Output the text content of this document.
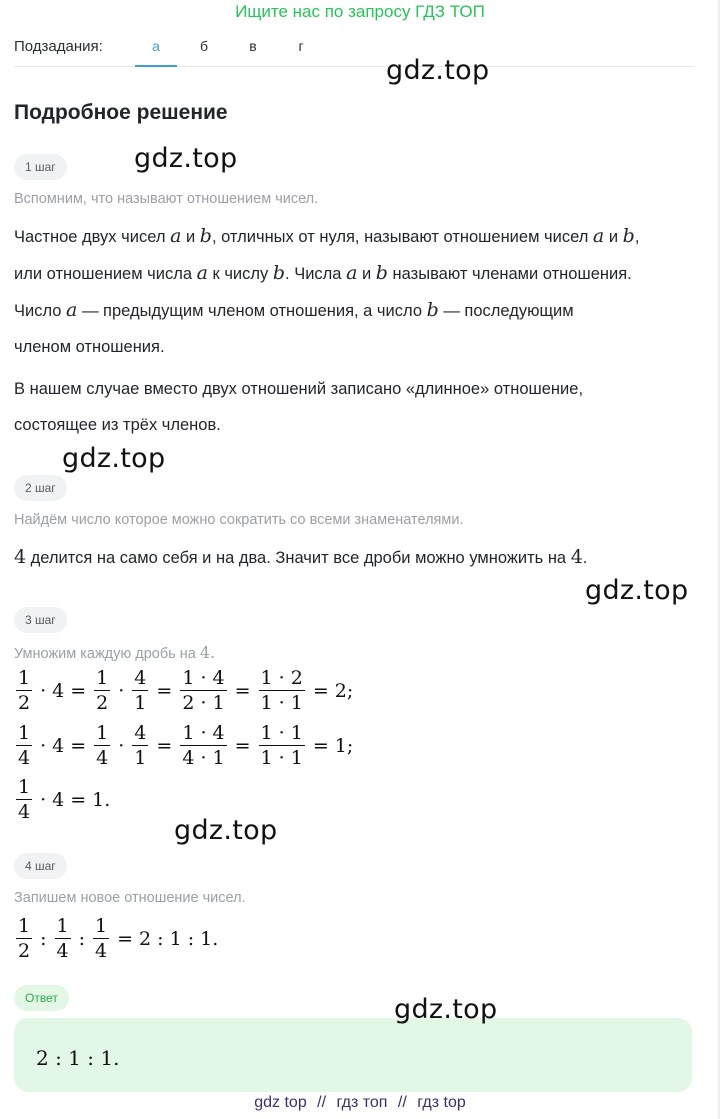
Ищите нас по запросу ГДЗ ТОП
Подзадания:	а	б	в	г
gdz.top
Подробное решение
gdz.top
1 шаг
Вспомним, что называют отношением чисел.
Частное двух чисел a и b, отличных от нуля, называют отношением чисел a и b,
или отношением числа a к числу b. Числа a и b называют членами отношения.
Число a — предыдущим членом отношения, а число b — последующим
членом отношения.
В нашем случае вместо двух отношений записано «длинное» отношение,
состоящее из трёх членов.
gdz.top
2 шаг
Найдём число которое можно сократить со всеми знаменателями.
4 делится на само себя и на два. Значит все дроби можно умножить на 4.
gdz.top
3 шаг
Умножим каждую дробь на 4.
$\frac{1}{2} \cdot 4 = \frac{1}{2} \cdot \frac{4}{1} = \frac{1 \cdot 4}{2 \cdot 1} = \frac{1 \cdot 2}{1 \cdot 1} = 2$;
$\frac{1}{4} \cdot 4 = \frac{1}{4} \cdot \frac{4}{1} = \frac{1 \cdot 4}{4 \cdot 1} = \frac{1 \cdot 1}{1 \cdot 1} = 1$;
$\frac{1}{4} \cdot 4 = 1$.
gdz.top
4 шаг
Запишем новое отношение чисел.
$\frac{1}{2}$ : $\frac{1}{4}$ : $\frac{1}{4} = 2$ : 1 : 1.
Ответ
2 : 1 : 1.
gdz.top
gdz top // гдз топ // гдз top
